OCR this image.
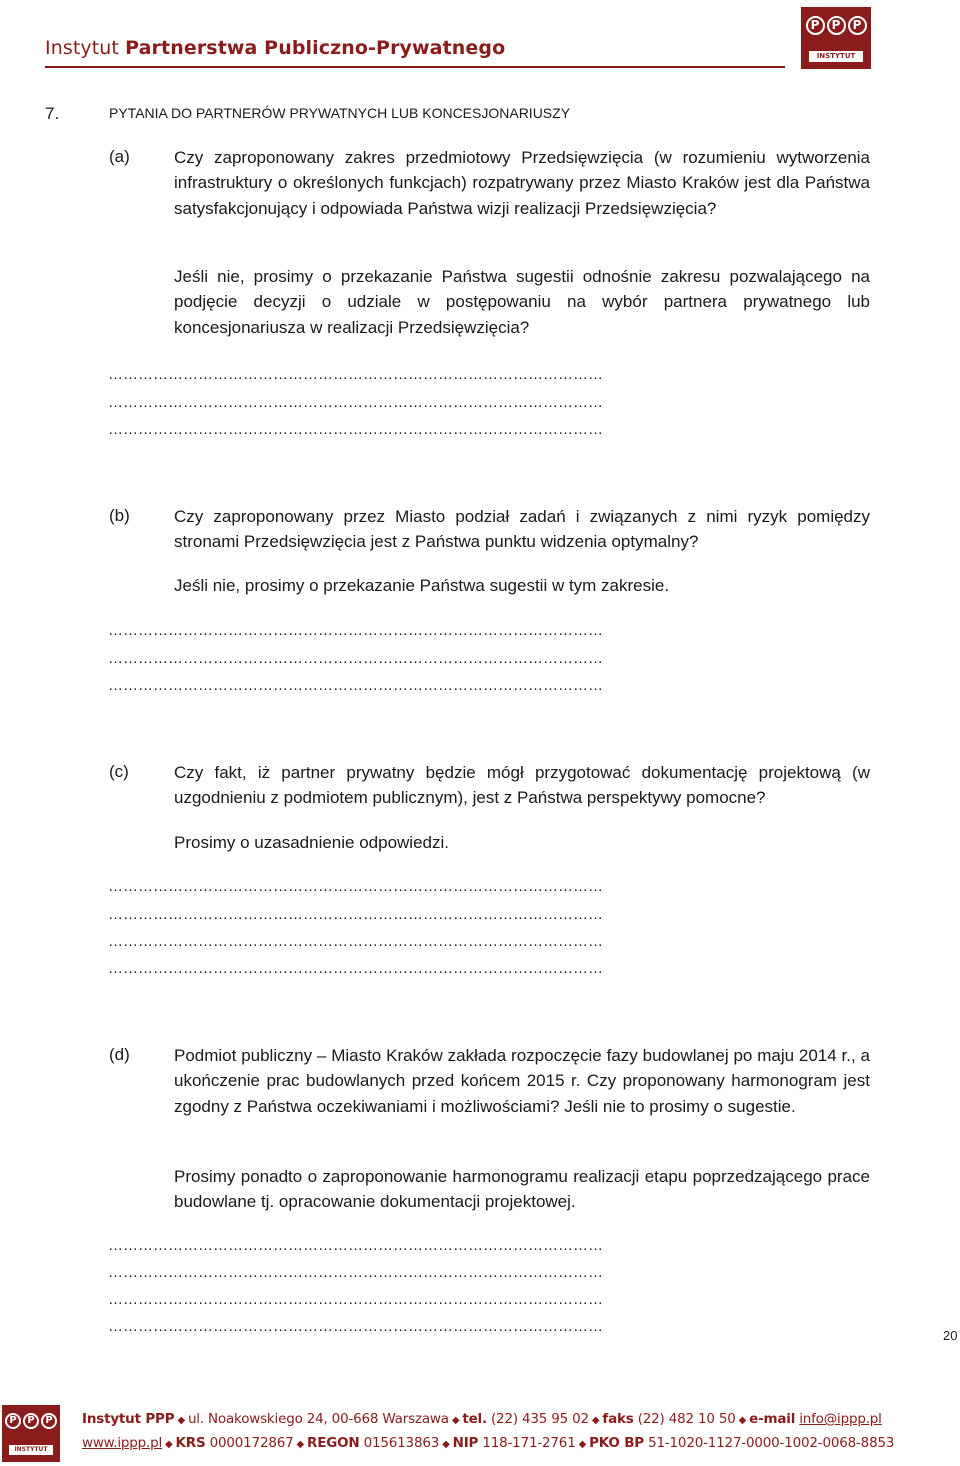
Instytut Partnerstwa Publiczno-Prywatnego
P P P
INSTYTUT
7.	PYTANIA DO PARTNERÓW PRYWATNYCH LUB KONCESJONARIUSZY
(a)	Czy zaproponowany zakres przedmiotowy Przedsięwzięcia (w rozumieniu wytworzenia infrastruktury o określonych funkcjach) rozpatrywany przez Miasto Kraków jest dla Państwa satysfakcjonujący i odpowiada Państwa wizji realizacji Przedsięwzięcia?
Jeśli nie, prosimy o przekazanie Państwa sugestii odnośnie zakresu pozwalającego na podjęcie decyzji o udziale w postępowaniu na wybór partnera prywatnego lub koncesjonariusza w realizacji Przedsięwzięcia?
………………………………………………………………………………………
………………………………………………………………………………………
………………………………………………………………………………………
(b)	Czy zaproponowany przez Miasto podział zadań i związanych z nimi ryzyk pomiędzy stronami Przedsięwzięcia jest z Państwa punktu widzenia optymalny?
Jeśli nie, prosimy o przekazanie Państwa sugestii w tym zakresie.
………………………………………………………………………………………
………………………………………………………………………………………
………………………………………………………………………………………
(c)	Czy fakt, iż partner prywatny będzie mógł przygotować dokumentację projektową (w uzgodnieniu z podmiotem publicznym), jest z Państwa perspektywy pomocne?
Prosimy o uzasadnienie odpowiedzi.
………………………………………………………………………………………
………………………………………………………………………………………
………………………………………………………………………………………
………………………………………………………………………………………
(d)	Podmiot publiczny – Miasto Kraków zakłada rozpoczęcie fazy budowlanej po maju 2014 r., a ukończenie prac budowlanych przed końcem 2015 r. Czy proponowany harmonogram jest zgodny z Państwa oczekiwaniami i możliwościami? Jeśli nie to prosimy o sugestie.
Prosimy ponadto o zaproponowanie harmonogramu realizacji etapu poprzedzającego prace budowlane tj. opracowanie dokumentacji projektowej.
………………………………………………………………………………………
………………………………………………………………………………………
………………………………………………………………………………………
………………………………………………………………………………………
20
P P P
INSTYTUT
Instytut PPP ◆ ul. Noakowskiego 24, 00-668 Warszawa ◆ tel. (22) 435 95 02 ◆ faks (22) 482 10 50 ◆ e-mail info@ippp.pl
www.ippp.pl ◆ KRS 0000172867 ◆ REGON 015613863 ◆ NIP 118-171-2761 ◆ PKO BP 51-1020-1127-0000-1002-0068-8853
